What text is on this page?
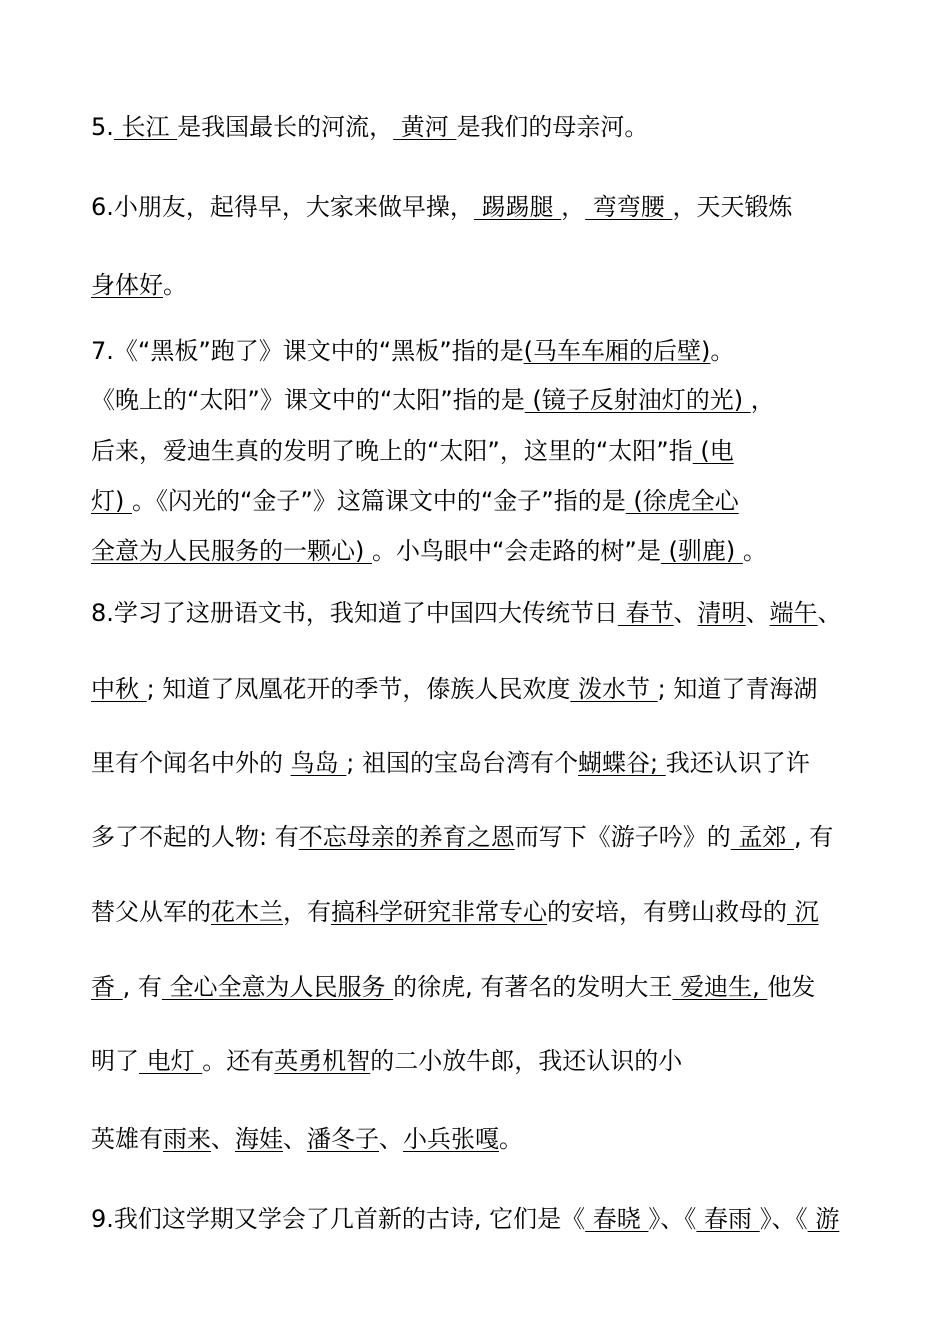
5. 长江 是我国最长的河流， 黄河 是我们的母亲河。
6.小朋友，起得早，大家来做早操， 踢踢腿 ， 弯弯腰 ，天天锻炼
身体好。
7.《“黑板”跑了》课文中的“黑板”指的是(马车车厢的后壁)。
《晚上的“太阳”》课文中的“太阳”指的是 (镜子反射油灯的光) ，
后来，爱迪生真的发明了晚上的“太阳”，这里的“太阳”指 (电
灯) 。《闪光的“金子”》这篇课文中的“金子”指的是 (徐虎全心
全意为人民服务的一颗心) 。小鸟眼中“会走路的树”是 (驯鹿) 。
8.学习了这册语文书，我知道了中国四大传统节日 春节、清明、端午、
中秋 ; 知道了凤凰花开的季节，傣族人民欢度 泼水节 ; 知道了青海湖
里有个闻名中外的 鸟岛 ; 祖国的宝岛台湾有个蝴蝶谷; 我还认识了许
多了不起的人物: 有不忘母亲的养育之恩而写下《游子吟》的 孟郊 , 有
替父从军的花木兰，有搞科学研究非常专心的安培，有劈山救母的 沉
香 , 有 全心全意为人民服务 的徐虎, 有著名的发明大王 爱迪生, 他发
明了 电灯 。还有英勇机智的二小放牛郎，我还认识的小
英雄有雨来、海娃、潘冬子、小兵张嘎。
9.我们这学期又学会了几首新的古诗, 它们是《 春晓 》、《 春雨 》、《 游
